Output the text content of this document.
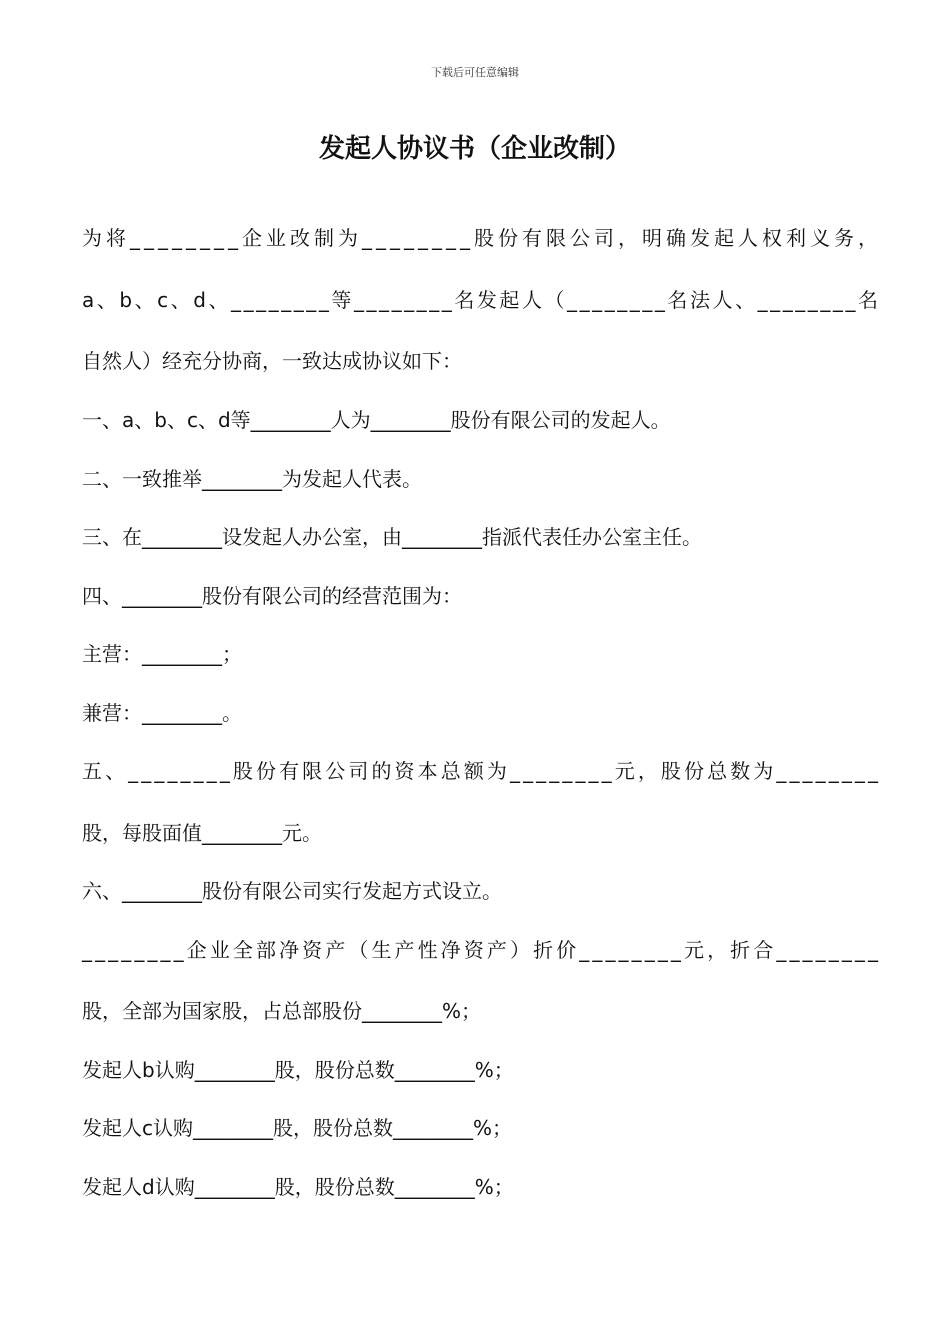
下载后可任意编辑
发起人协议书（企业改制）
为将________企业改制为________股份有限公司，明确发起人权利义务，
a、b、c、d、________等________名发起人（________名法人、________名
自然人）经充分协商，一致达成协议如下：
一、a、b、c、d等________人为________股份有限公司的发起人。
二、一致推举________为发起人代表。
三、在________设发起人办公室，由________指派代表任办公室主任。
四、________股份有限公司的经营范围为：
主营：________；
兼营：________。
五、________股份有限公司的资本总额为________元，股份总数为________
股，每股面值________元。
六、________股份有限公司实行发起方式设立。
________企业全部净资产（生产性净资产）折价________元，折合________
股，全部为国家股，占总部股份________%；
发起人b认购________股，股份总数________%；
发起人c认购________股，股份总数________%；
发起人d认购________股，股份总数________%；
